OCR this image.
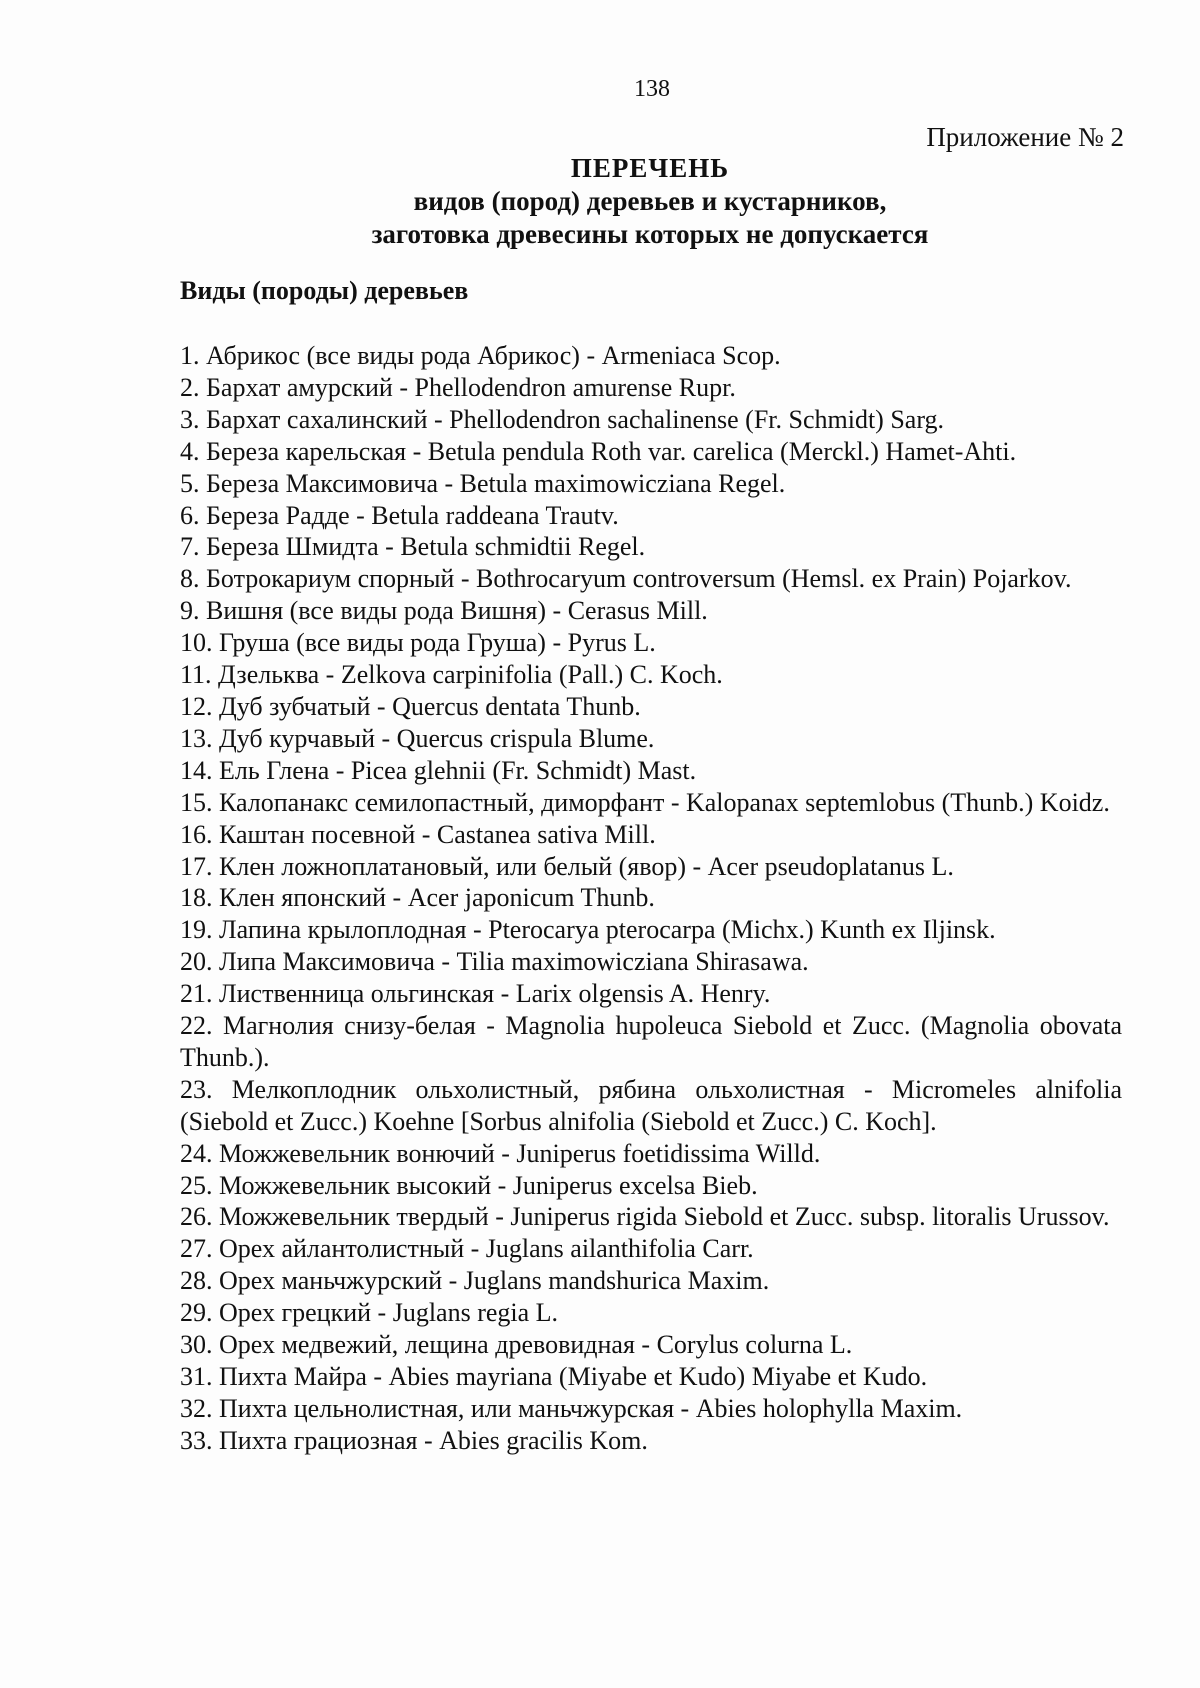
138
Приложение № 2
ПЕРЕЧЕНЬ
видов (пород) деревьев и кустарников,
заготовка древесины которых не допускается
Виды (породы) деревьев
1. Абрикос (все виды рода Абрикос) - Armeniaca Scop.
2. Бархат амурский - Phellodendron amurense Rupr.
3. Бархат сахалинский - Phellodendron sachalinense (Fr. Schmidt) Sarg.
4. Береза карельская - Betula pendula Roth var. carelica (Merckl.) Hamet-Ahti.
5. Береза Максимовича - Betula maximowicziana Regel.
6. Береза Радде - Betula raddeana Trautv.
7. Береза Шмидта - Betula schmidtii Regel.
8. Ботрокариум спорный - Bothrocaryum controversum (Hemsl. ex Prain) Pojarkov.
9. Вишня (все виды рода Вишня) - Cerasus Mill.
10. Груша (все виды рода Груша) - Pyrus L.
11. Дзельква - Zelkova carpinifolia (Pall.) C. Koch.
12. Дуб зубчатый - Quercus dentata Thunb.
13. Дуб курчавый - Quercus crispula Blume.
14. Ель Глена - Picea glehnii (Fr. Schmidt) Mast.
15. Калопанакс семилопастный, диморфант - Kalopanax septemlobus (Thunb.) Koidz.
16. Каштан посевной - Castanea sativa Mill.
17. Клен ложноплатановый, или белый (явор) - Acer pseudoplatanus L.
18. Клен японский - Acer japonicum Thunb.
19. Лапина крылоплодная - Pterocarya pterocarpa (Michx.) Kunth ex Iljinsk.
20. Липа Максимовича - Tilia maximowicziana Shirasawa.
21. Лиственница ольгинская - Larix olgensis A. Henry.
22. Магнолия снизу-белая - Magnolia hupoleuca Siebold et Zucc. (Magnolia obovata Thunb.).
23. Мелкоплодник ольхолистный, рябина ольхолистная - Micromeles alnifolia (Siebold et Zucc.) Koehne [Sorbus alnifolia (Siebold et Zucc.) C. Koch].
24. Можжевельник вонючий - Juniperus foetidissima Willd.
25. Можжевельник высокий - Juniperus excelsa Bieb.
26. Можжевельник твердый - Juniperus rigida Siebold et Zucc. subsp. litoralis Urussov.
27. Орех айлантолистный - Juglans ailanthifolia Carr.
28. Орех маньчжурский - Juglans mandshurica Maxim.
29. Орех грецкий - Juglans regia L.
30. Орех медвежий, лещина древовидная - Corylus colurna L.
31. Пихта Майра - Abies mayriana (Miyabe et Kudo) Miyabe et Kudo.
32. Пихта цельнолистная, или маньчжурская - Abies holophylla Maxim.
33. Пихта грациозная - Abies gracilis Kom.
